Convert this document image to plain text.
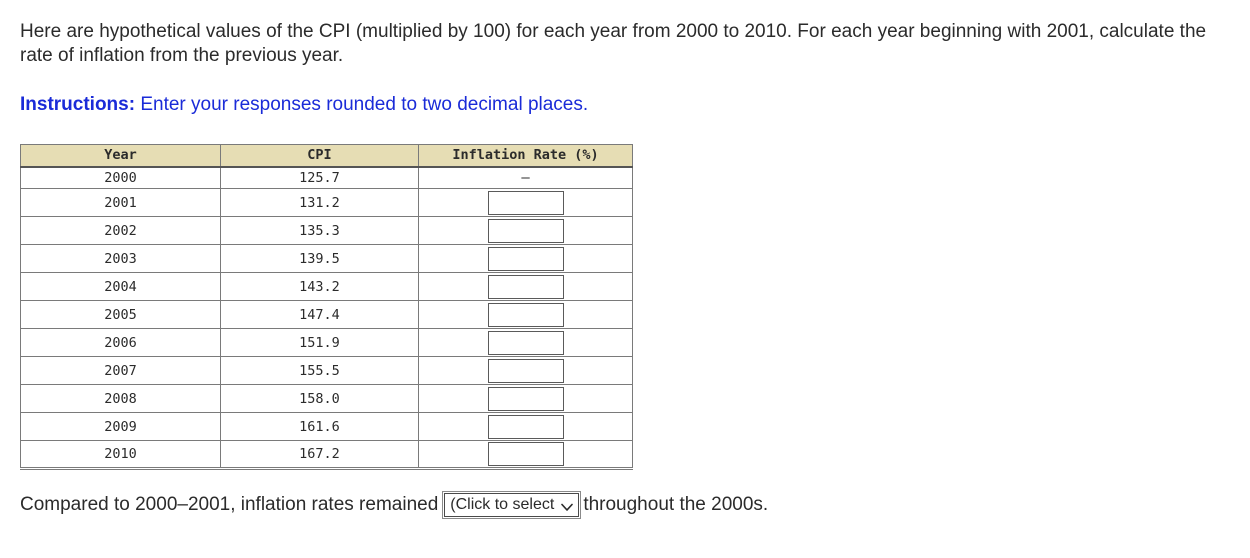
Here are hypothetical values of the CPI (multiplied by 100) for each year from 2000 to 2010. For each year beginning with 2001, calculate the rate of inflation from the previous year.

Instructions: Enter your responses rounded to two decimal places.

Year	CPI	Inflation Rate (%)
2000	125.7	–
2001	131.2	

2002	135.3	

2003	139.5	

2004	143.2	

2005	147.4	

2006	151.9	

2007	155.5	

2008	158.0	

2009	161.6	

2010	167.2	

Compared to 2000–2001, inflation rates remained (Click to select throughout the 2000s.
